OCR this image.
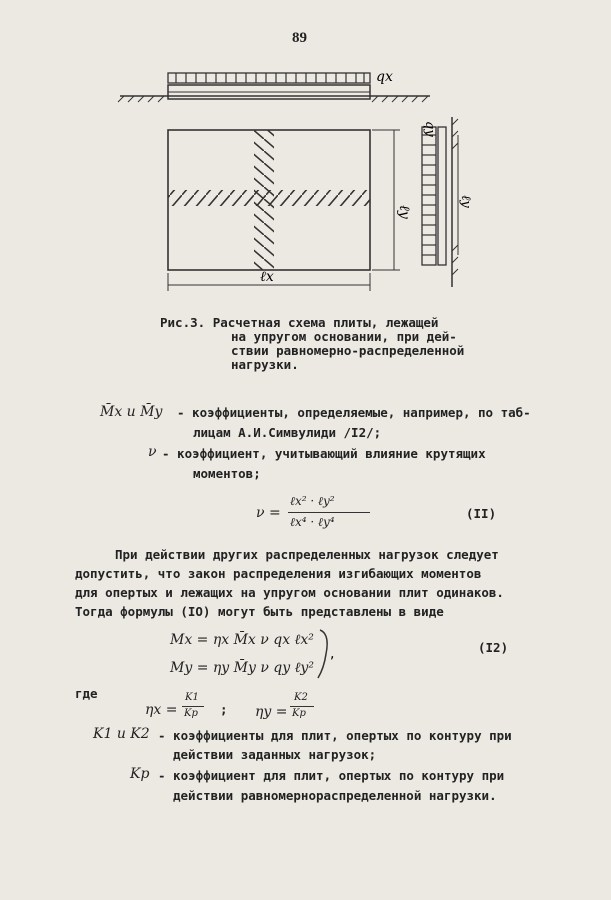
89
qx
ℓy
ℓx
qy
ℓy
Рис.3. Расчетная схема плиты, лежащей
на упругом основании, при дей-
ствии равномерно-распределенной
нагрузки.
M̄x и M̄y - коэффициенты, определяемые, например, по таб-
лицам А.И.Симвулиди /I2/;
ν - коэффициент, учитывающий влияние крутящих
моментов;
ν =
ℓx² · ℓy²
ℓx⁴ · ℓy⁴
(II)
При действии других распределенных нагрузок следует
допустить, что закон распределения изгибающих моментов
для опертых и лежащих на упругом основании плит одинаков.
Тогда формулы (IO) могут быть представлены в виде
Mx = ηx M̄x ν qx ℓx²
My = ηy M̄y ν qy ℓy²
,	(I2)
где
ηx =
K1
Kp ; ηy =
K2
Kp
K1 и K2 - коэффициенты для плит, опертых по контуру при
действии заданных нагрузок;
Kp - коэффициент для плит, опертых по контуру при
действии равномернораспределенной нагрузки.
